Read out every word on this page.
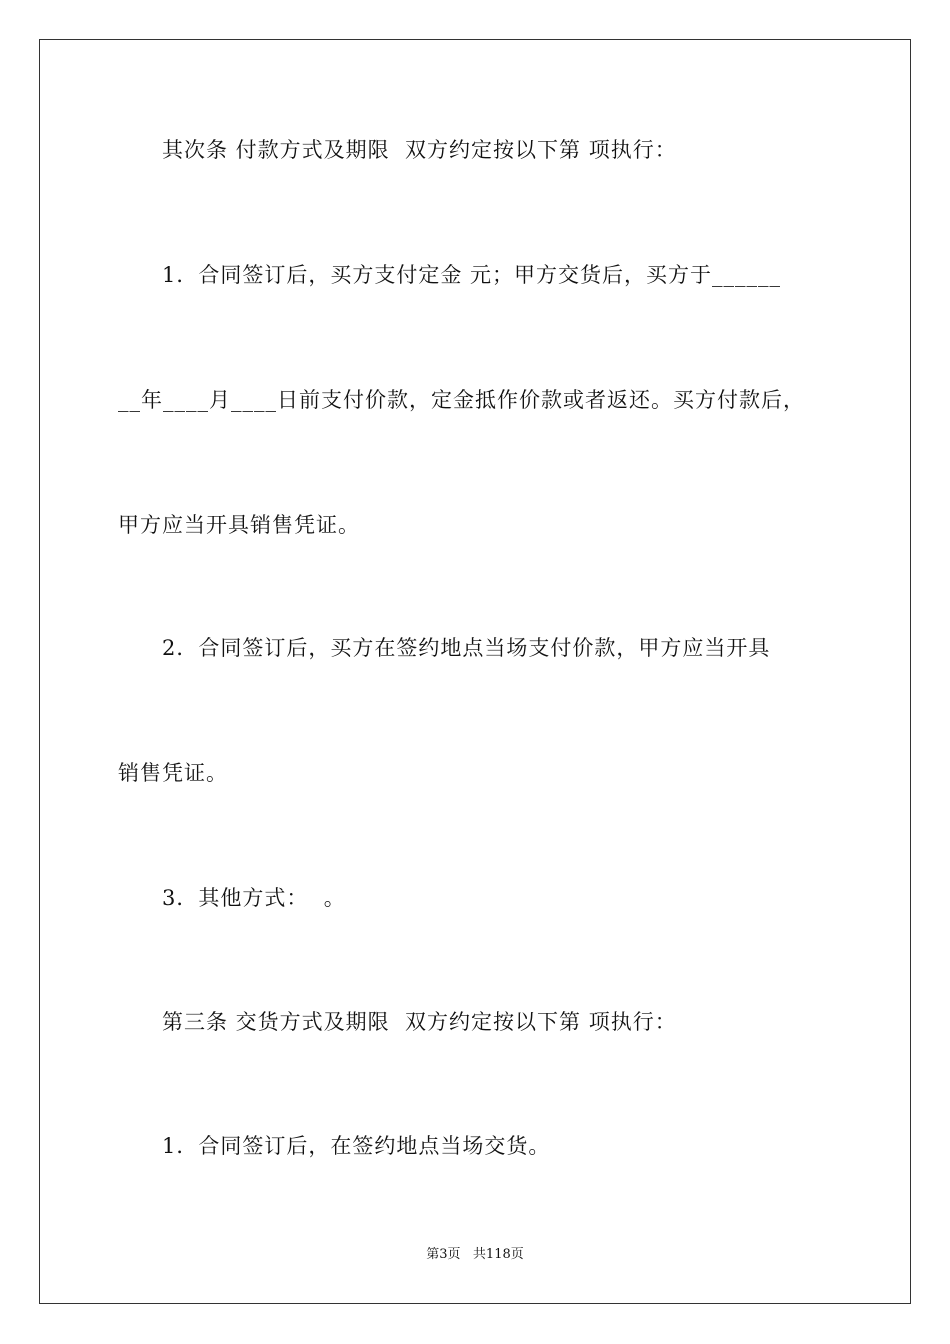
其次条 付款方式及期限  双方约定按以下第 项执行：
1．合同签订后，买方支付定金 元；甲方交货后，买方于______
__年____月____日前支付价款，定金抵作价款或者返还。买方付款后，
甲方应当开具销售凭证。
2．合同签订后，买方在签约地点当场支付价款，甲方应当开具
销售凭证。
3．其他方式：  。
第三条 交货方式及期限  双方约定按以下第 项执行：
1．合同签订后，在签约地点当场交货。
第3页   共118页
